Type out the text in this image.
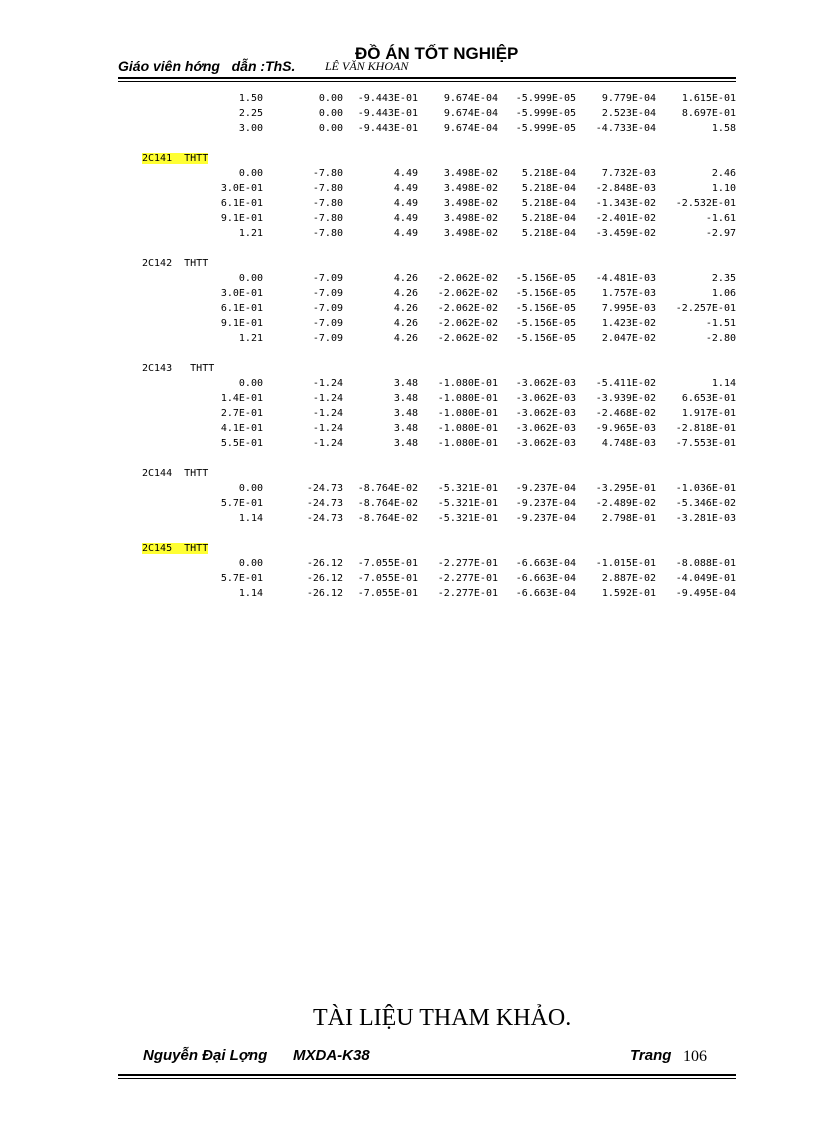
Giáo viên hớng   dẫn :ThS.
ĐỒ ÁN TỐT NGHIỆP
LÊ VĂN KHOAN
1.50	0.00	-9.443E-01	9.674E-04	-5.999E-05	9.779E-04	1.615E-01
2.25	0.00	-9.443E-01	9.674E-04	-5.999E-05	2.523E-04	8.697E-01
3.00	0.00	-9.443E-01	9.674E-04	-5.999E-05	-4.733E-04	1.58

2C141  THTT						
0.00	-7.80	4.49	3.498E-02	5.218E-04	7.732E-03	2.46
3.0E-01	-7.80	4.49	3.498E-02	5.218E-04	-2.848E-03	1.10
6.1E-01	-7.80	4.49	3.498E-02	5.218E-04	-1.343E-02	-2.532E-01
9.1E-01	-7.80	4.49	3.498E-02	5.218E-04	-2.401E-02	-1.61
1.21	-7.80	4.49	3.498E-02	5.218E-04	-3.459E-02	-2.97

2C142  THTT						
0.00	-7.09	4.26	-2.062E-02	-5.156E-05	-4.481E-03	2.35
3.0E-01	-7.09	4.26	-2.062E-02	-5.156E-05	1.757E-03	1.06
6.1E-01	-7.09	4.26	-2.062E-02	-5.156E-05	7.995E-03	-2.257E-01
9.1E-01	-7.09	4.26	-2.062E-02	-5.156E-05	1.423E-02	-1.51
1.21	-7.09	4.26	-2.062E-02	-5.156E-05	2.047E-02	-2.80

2C143   THTT						
0.00	-1.24	3.48	-1.080E-01	-3.062E-03	-5.411E-02	1.14
1.4E-01	-1.24	3.48	-1.080E-01	-3.062E-03	-3.939E-02	6.653E-01
2.7E-01	-1.24	3.48	-1.080E-01	-3.062E-03	-2.468E-02	1.917E-01
4.1E-01	-1.24	3.48	-1.080E-01	-3.062E-03	-9.965E-03	-2.818E-01
5.5E-01	-1.24	3.48	-1.080E-01	-3.062E-03	4.748E-03	-7.553E-01

2C144  THTT						
0.00	-24.73	-8.764E-02	-5.321E-01	-9.237E-04	-3.295E-01	-1.036E-01
5.7E-01	-24.73	-8.764E-02	-5.321E-01	-9.237E-04	-2.489E-02	-5.346E-02
1.14	-24.73	-8.764E-02	-5.321E-01	-9.237E-04	2.798E-01	-3.281E-03

2C145  THTT						
0.00	-26.12	-7.055E-01	-2.277E-01	-6.663E-04	-1.015E-01	-8.088E-01
5.7E-01	-26.12	-7.055E-01	-2.277E-01	-6.663E-04	2.887E-02	-4.049E-01
1.14	-26.12	-7.055E-01	-2.277E-01	-6.663E-04	1.592E-01	-9.495E-04
TÀI LIỆU THAM KHẢO.
Nguyễn Đại Lợng MXDA-K38	Trang 106
